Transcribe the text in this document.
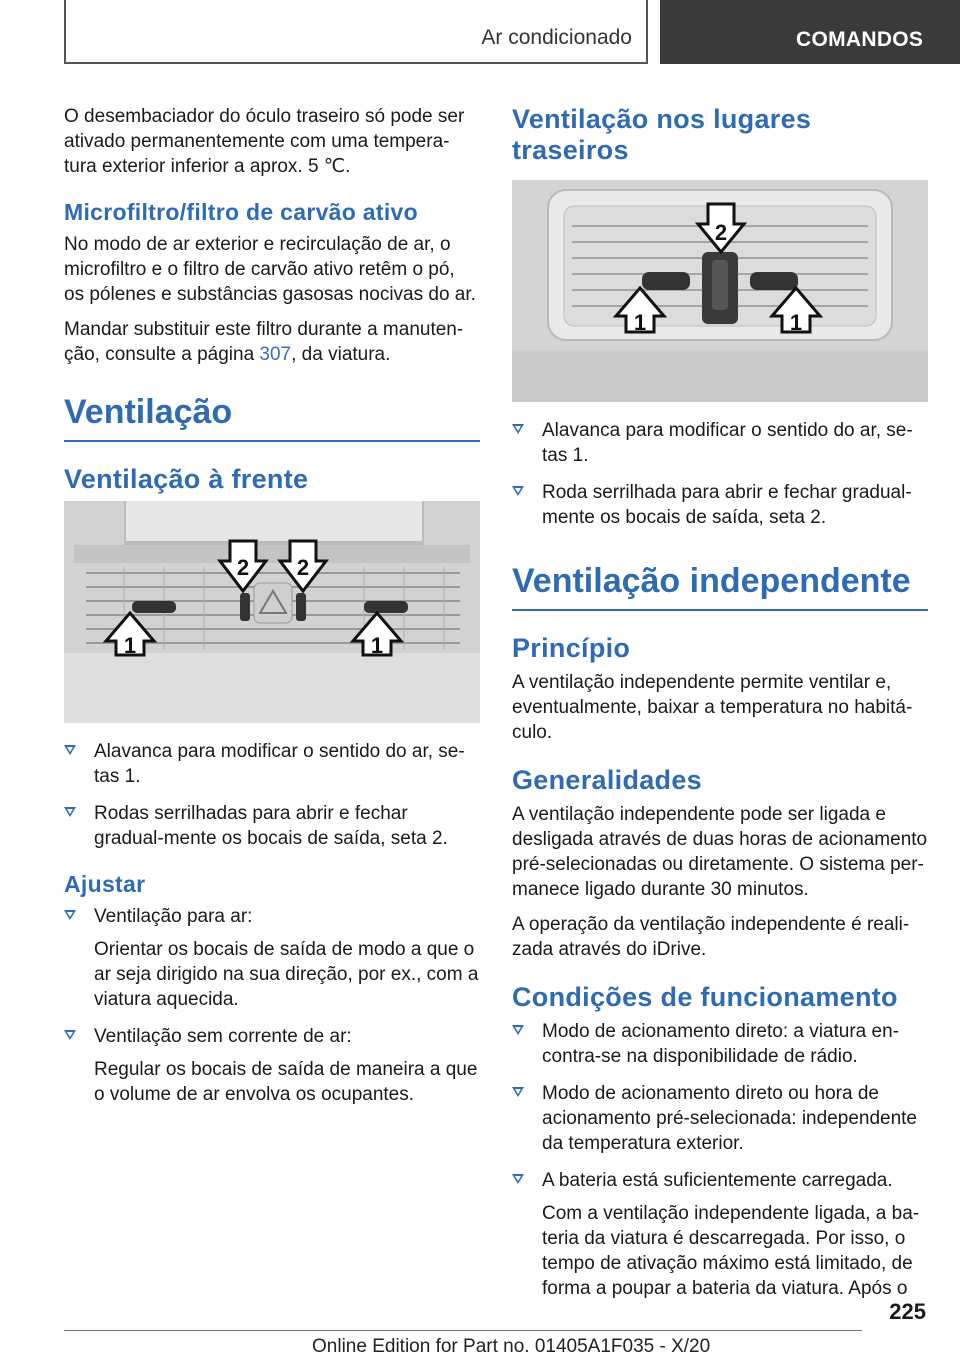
Ar condicionado	COMANDOS

O desembaciador do óculo traseiro só pode ser ativado permanentemente com uma tempera-tura exterior inferior a aprox. 5 ℃.

Microfiltro/filtro de carvão ativo

No modo de ar exterior e recirculação de ar, o microfiltro e o filtro de carvão ativo retêm o pó, os pólenes e substâncias gasosas nocivas do ar.

Mandar substituir este filtro durante a manuten-ção, consulte a página 307, da viatura.

Ventilação
Ventilação à frente
1	1
2 2
Alavanca para modificar o sentido do ar, se-tas 1.
Rodas serrilhadas para abrir e fechar gradual-mente os bocais de saída, seta 2.
Ajustar
Ventilação para ar:
Orientar os bocais de saída de modo a que o ar seja dirigido na sua direção, por ex., com a viatura aquecida.
Ventilação sem corrente de ar:
Regular os bocais de saída de maneira a que o volume de ar envolva os ocupantes.
Ventilação nos lugares traseiros
1	1
2
Alavanca para modificar o sentido do ar, se-tas 1.
Roda serrilhada para abrir e fechar gradual-mente os bocais de saída, seta 2.
Ventilação independente
Princípio

A ventilação independente permite ventilar e, eventualmente, baixar a temperatura no habitá-culo.

Generalidades

A ventilação independente pode ser ligada e desligada através de duas horas de acionamento pré-selecionadas ou diretamente. O sistema per-manece ligado durante 30 minutos.

A operação da ventilação independente é reali-zada através do iDrive.

Condições de funcionamento
Modo de acionamento direto: a viatura en-contra-se na disponibilidade de rádio.
Modo de acionamento direto ou hora de acionamento pré-selecionada: independente da temperatura exterior.
A bateria está suficientemente carregada.
Com a ventilação independente ligada, a ba-teria da viatura é descarregada. Por isso, o tempo de ativação máximo está limitado, de forma a poupar a bateria da viatura. Após o
225
Online Edition for Part no. 01405A1F035 - X/20
